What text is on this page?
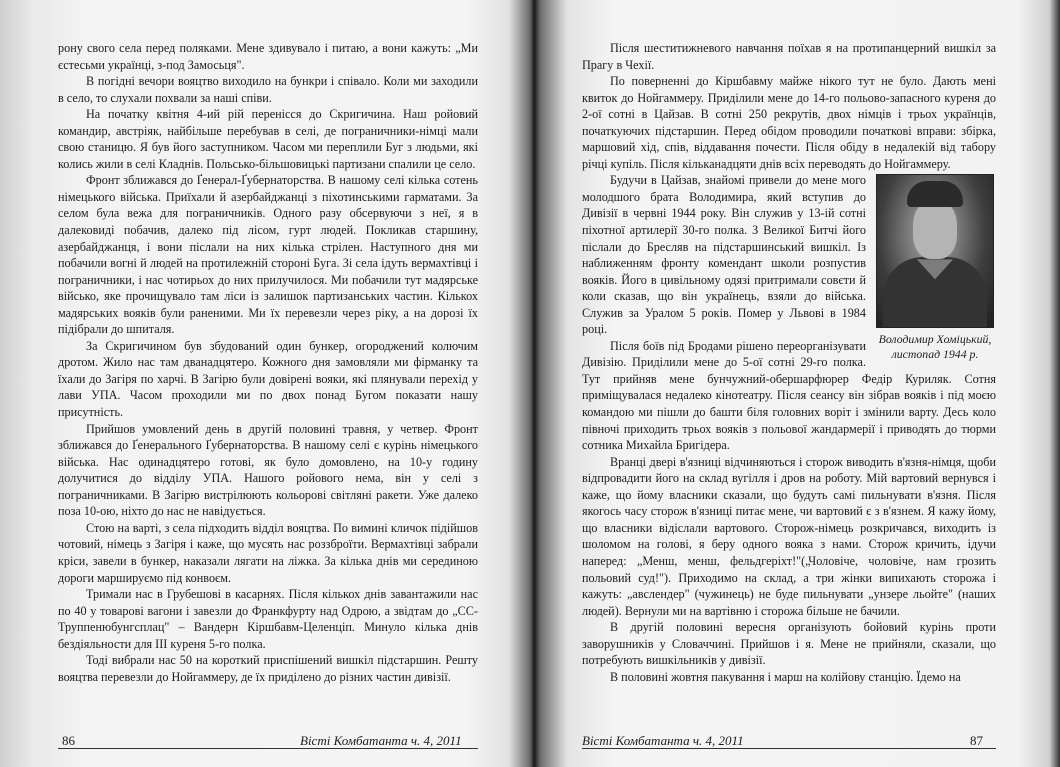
рону свого села перед поляками. Мене здивувало і питаю, а вони кажуть: „Ми єстесьми українці, з-под Замосьця".

В погідні вечори вояцтво виходило на бункри і співало. Коли ми заходили в село, то слухали похвали за наші співи.

На початку квітня 4-ий рій перенісся до Скригичина. Наш ройовий командир, австріяк, найбільше перебував в селі, де пограничники-німці мали свою станицю. Я був його заступником. Часом ми переплили Буг з людьми, які колись жили в селі Кладнів. Польсько-більшовицькі партизани спалили це село.

Фронт зближався до Ґенерал-Ґубернаторства. В нашому селі кілька сотень німецького війська. Приїхали й азербайджанці з піхотинськими гарматами. За селом була вежа для пограничників. Одного разу обсервуючи з неї, я в далековиді побачив, далеко під лісом, гурт людей. Покликав старшину, азербайджанця, і вони післали на них кілька стрілен. Наступного дня ми побачили вогні й людей на протилежній стороні Буга. Зі села ідуть вермахтівці і пограничники, і нас чотирьох до них прилучилося. Ми побачили тут мадярське військо, яке прочищувало там ліси із залишок партизанських частин. Кількох мадярських вояків були раненими. Ми їх перевезли через ріку, а на дорозі їх підібрали до шпиталя.

За Скригичином був збудований один бункер, огороджений колючим дротом. Жило нас там дванадцятеро. Кожного дня замовляли ми фірманку та їхали до Загіря по харчі. В Загірю були довірені вояки, які плянували перехід у лави УПА. Часом проходили ми по двох понад Бугом показати нашу присутність.

Прийшов умовлений день в другій половині травня, у четвер. Фронт зближався до Ґенерального Ґубернаторства. В нашому селі є курінь німецького війська. Нас одинадцятеро готові, як було домовлено, на 10-у годину долучитися до відділу УПА. Нашого ройового нема, він у селі з пограничниками. В Загірю вистрілюють кольорові світляні ракети. Уже далеко поза 10-ою, ніхто до нас не навідується.

Стою на варті, з села підходить відділ вояцтва. По вимині кличок підійшов чотовий, німець з Загіря і каже, що мусять нас роззброїти. Вермахтівці забрали кріси, завели в бункер, наказали лягати на ліжка. За кілька днів ми серединою дороги маршируємо під конвоєм.

Тримали нас в Грубешові в касарнях. Після кількох днів завантажили нас по 40 у товарові вагони і завезли до Франкфурту над Одрою, а звідтам до „СС-Труппенюбунгсплац" – Вандерн Кіршбавм-Целенціп. Минуло кілька днів бездіяльности для III куреня 5-го полка.

Тоді вибрали нас 50 на короткий приспішений вишкіл підстаршин. Решту вояцтва перевезли до Нойгаммеру, де їх приділено до різних частин дивізії.

86	Вісті Комбатанта ч. 4, 2011

Після шеститижневого навчання поїхав я на протипанцерний вишкіл за Прагу в Чехії.

По поверненні до Кіршбавму майже нікого тут не було. Дають мені квиток до Нойгаммеру. Приділили мене до 14-го польово-запасного куреня до 2-ої сотні в Цайзав. В сотні 250 рекрутів, двох німців і трьох українців, початкуючих підстаршин. Перед обідом проводили початкові вправи: збірка, маршовий хід, спів, віддавання почести. Після обіду в недалекій від табору річці купіль. Після кільканадцяти днів всіх переводять до Нойгаммеру.

Володимир Хоміцький, листопад 1944 р.

Будучи в Цайзав, знайомі привели до мене мого молодшого брата Володимира, який вступив до Дивізії в червні 1944 року. Він служив у 13-ій сотні піхотної артилерії 30-го полка. З Великої Битчі його післали до Бресляв на підстаршинський вишкіл. Із наближенням фронту комендант школи розпустив вояків. Його в цивільному одязі притримали совєти й коли сказав, що він українець, взяли до війська. Служив за Уралом 5 років. Помер у Львові в 1984 році.

Після боїв під Бродами рішено переорганізувати Дивізію. Приділили мене до 5-ої сотні 29-го полка. Тут прийняв мене бунчужний-обершарфюрер Федір Куриляк. Сотня приміщувалася недалеко кінотеатру. Після сеансу він зібрав вояків і під моєю командою ми пішли до башти біля головних воріт і змінили варту. Десь коло півночі приходить трьох вояків з польової жандармерії і приводять до тюрми сотника Михайла Бригідера.

Вранці двері в'язниці відчиняються і сторож виводить в'язня-німця, щоби відпровадити його на склад вугілля і дров на роботу. Мій вартовий вернувся і каже, що йому власники сказали, що будуть самі пильнувати в'язня. Після якогось часу сторож в'язниці питає мене, чи вартовий є з в'язнем. Я кажу йому, що власники відіслали вартового. Сторож-німець розкричався, виходить із шоломом на голові, я беру одного вояка з нами. Сторож кричить, ідучи наперед: „Менш, менш, фельдгеріхт!"(„Чоловіче, чоловіче, нам грозить польовий суд!"). Приходимо на склад, а три жінки випихають сторожа і кажуть: „авслендер" (чужинець) не буде пильнувати „унзере льойте" (наших людей). Вернули ми на вартівню і сторожа більше не бачили.

В другій половині вересня організують бойовий курінь проти заворушників у Словаччині. Прийшов і я. Мене не прийняли, сказали, що потребують вишкільників у дивізії.

В половині жовтня пакування і марш на колійову станцію. Їдемо на

Вісті Комбатанта ч. 4, 2011	87
